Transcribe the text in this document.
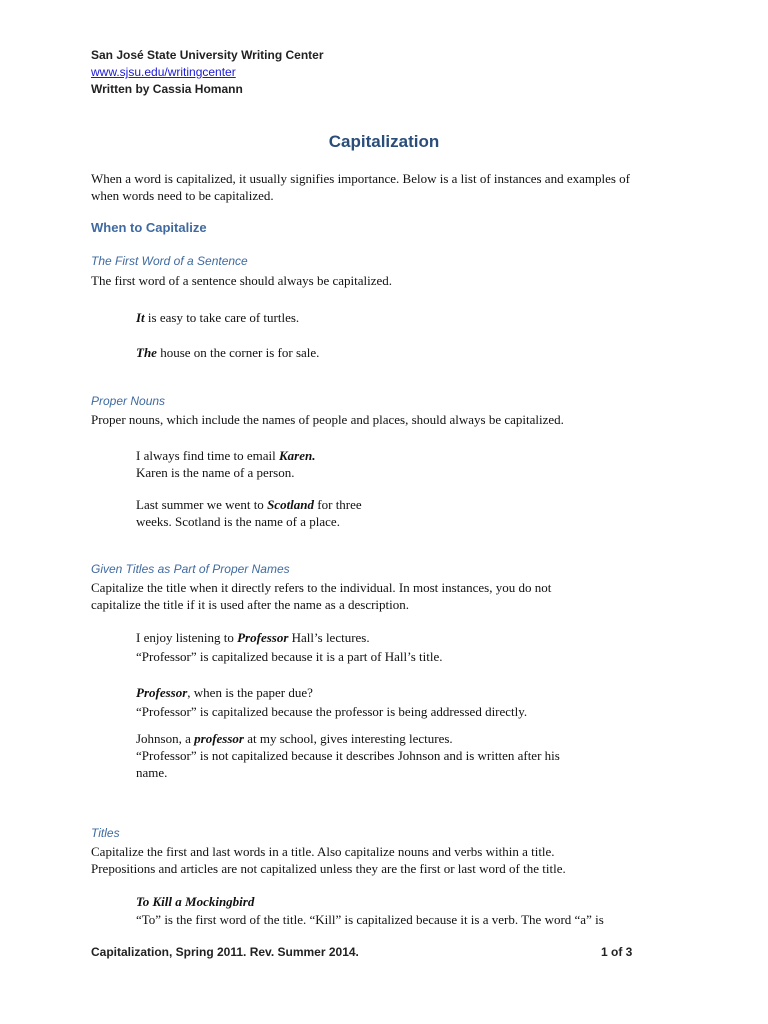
San José State University Writing Center
www.sjsu.edu/writingcenter
Written by Cassia Homann
Capitalization
When a word is capitalized, it usually signifies importance. Below is a list of instances and examples of when words need to be capitalized.
When to Capitalize
The First Word of a Sentence
The first word of a sentence should always be capitalized.
It is easy to take care of turtles.
The house on the corner is for sale.
Proper Nouns
Proper nouns, which include the names of people and places, should always be capitalized.
I always find time to email Karen.
Karen is the name of a person.
Last summer we went to Scotland for three
weeks. Scotland is the name of a place.
Given Titles as Part of Proper Names
Capitalize the title when it directly refers to the individual. In most instances, you do not
capitalize the title if it is used after the name as a description.
I enjoy listening to Professor Hall’s lectures.
“Professor” is capitalized because it is a part of Hall’s title.
Professor, when is the paper due?
“Professor” is capitalized because the professor is being addressed directly.
Johnson, a professor at my school, gives interesting lectures.
“Professor” is not capitalized because it describes Johnson and is written after his
name.
Titles
Capitalize the first and last words in a title. Also capitalize nouns and verbs within a title.
Prepositions and articles are not capitalized unless they are the first or last word of the title.
To Kill a Mockingbird
“To” is the first word of the title. “Kill” is capitalized because it is a verb. The word “a” is
Capitalization, Spring 2011. Rev. Summer 2014.	1 of 3
